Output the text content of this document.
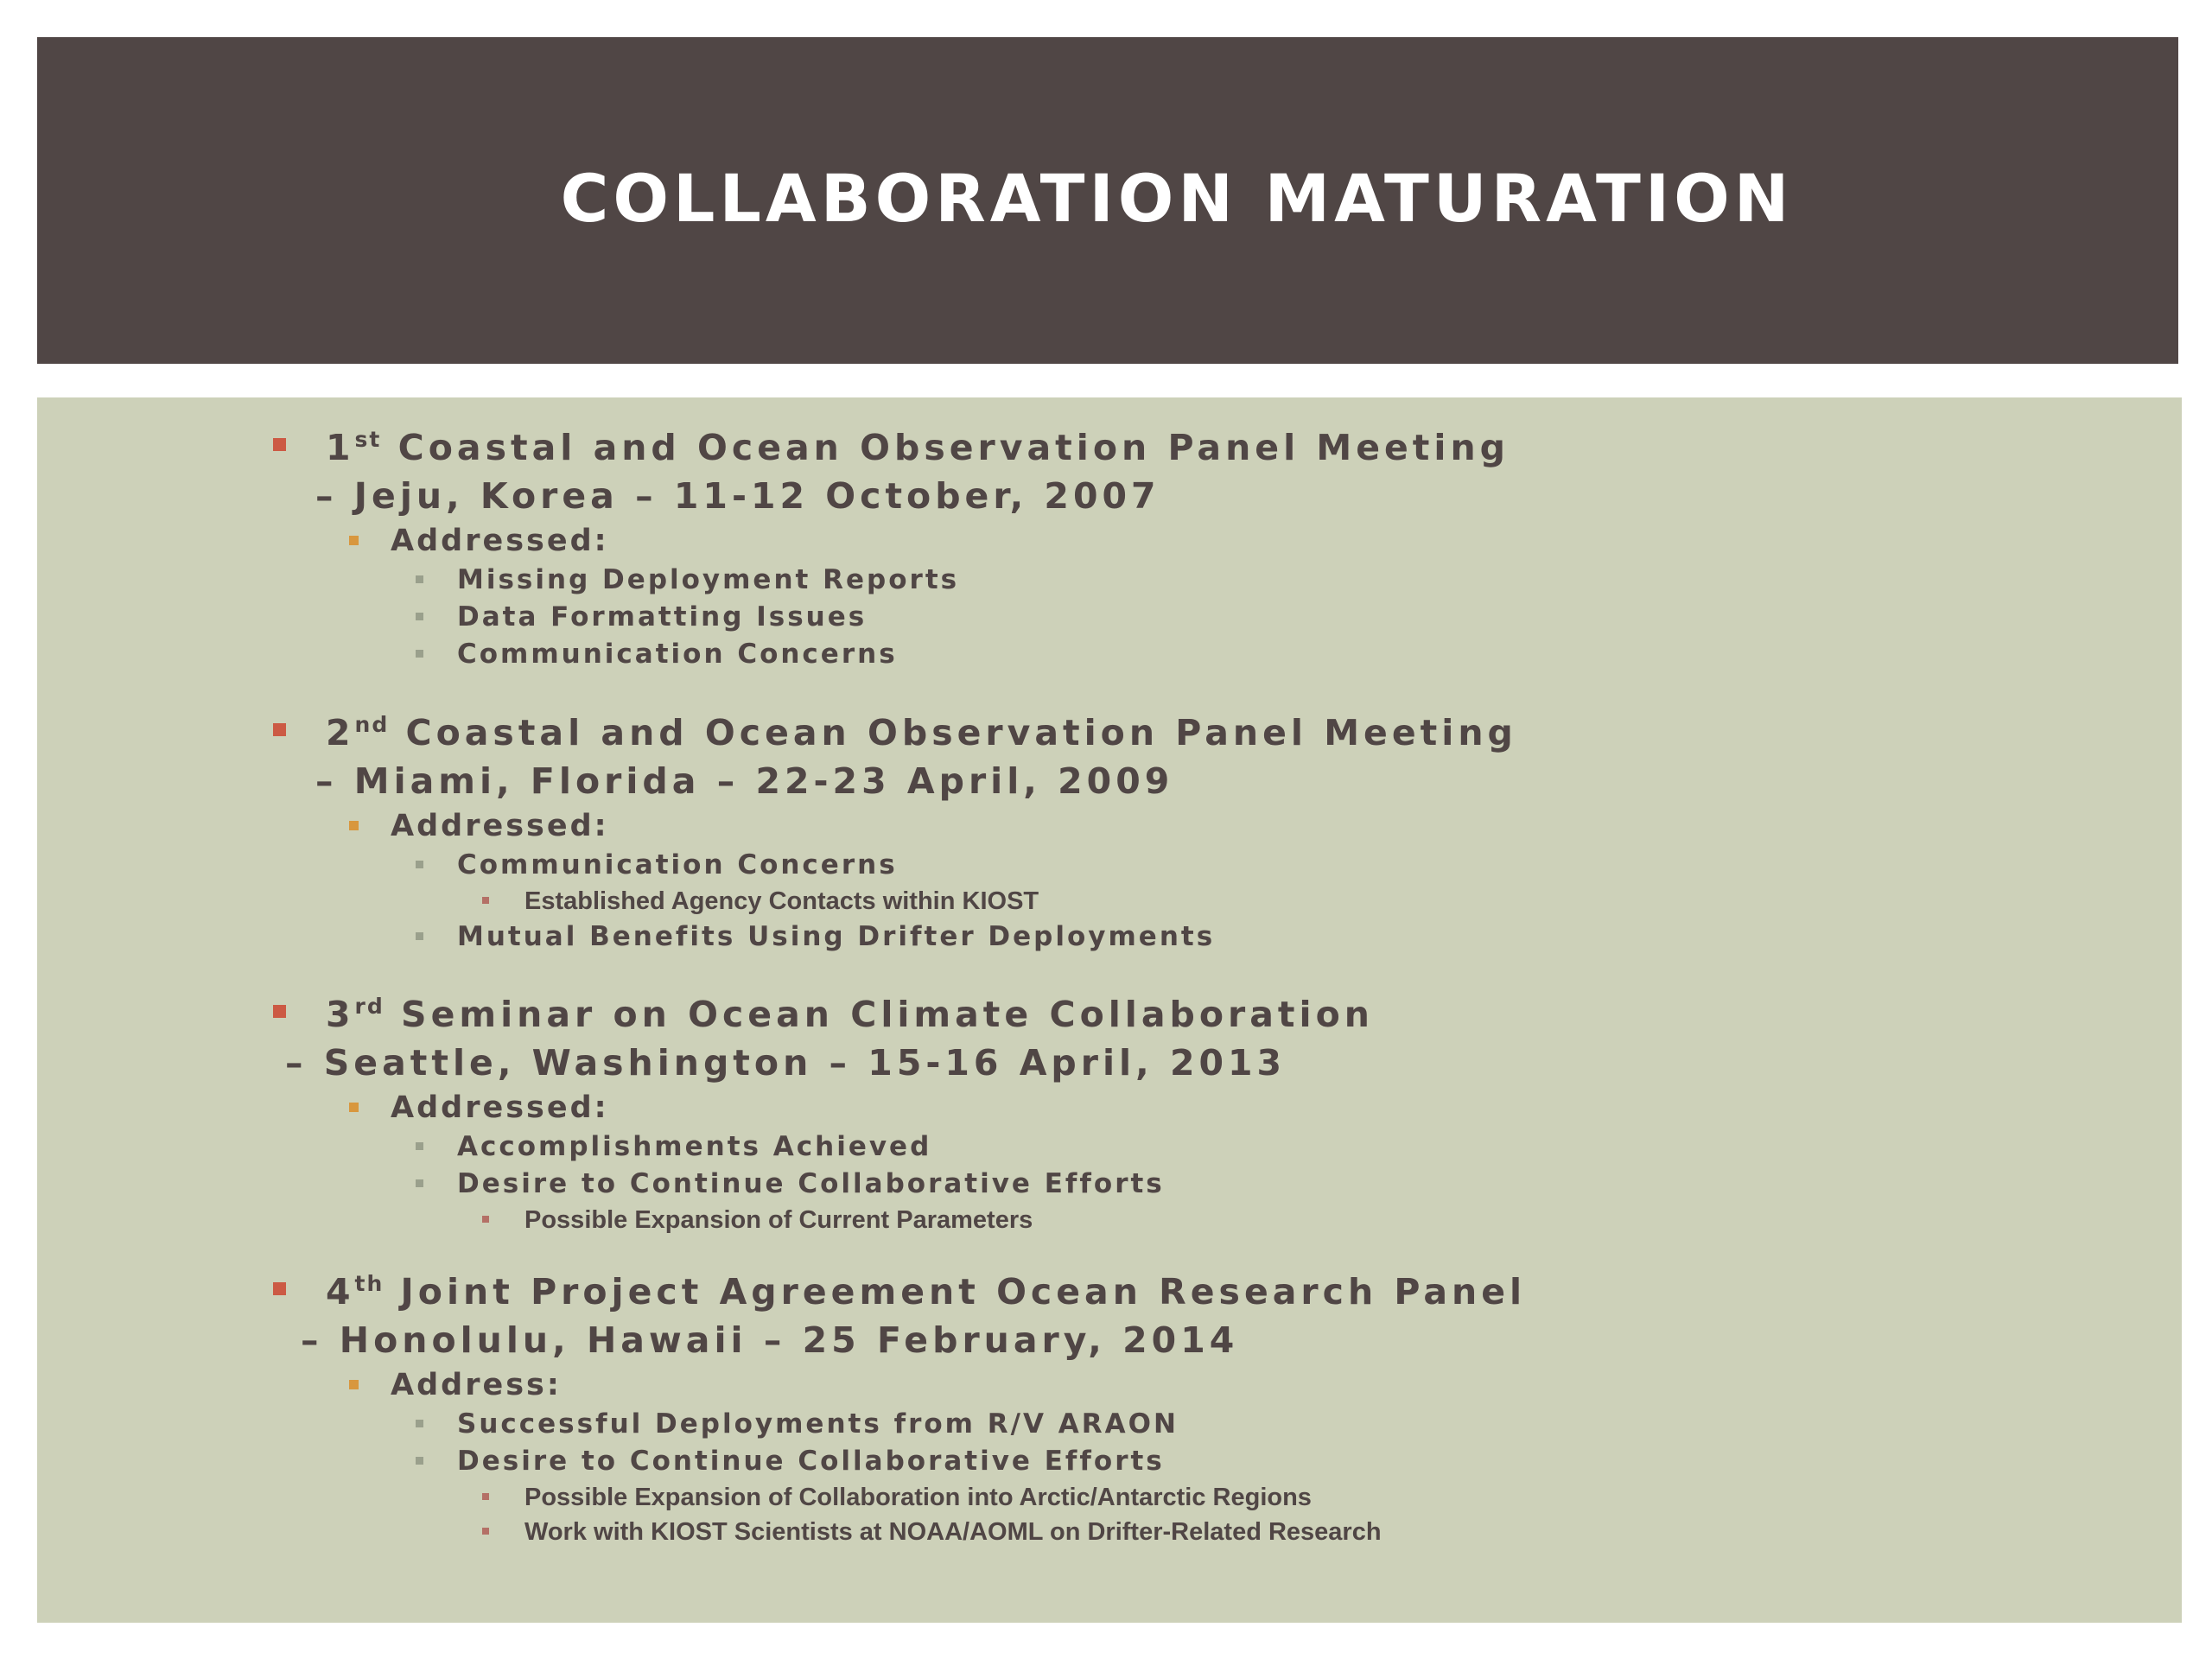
COLLABORATION MATURATION
1st Coastal and Ocean Observation Panel Meeting
– Jeju, Korea – 11-12 October, 2007
Addressed:
Missing Deployment Reports
Data Formatting Issues
Communication Concerns
2nd Coastal and Ocean Observation Panel Meeting
– Miami, Florida – 22-23 April, 2009
Addressed:
Communication Concerns
Established Agency Contacts within KIOST
Mutual Benefits Using Drifter Deployments
3rd Seminar on Ocean Climate Collaboration
– Seattle, Washington – 15-16 April, 2013
Addressed:
Accomplishments Achieved
Desire to Continue Collaborative Efforts
Possible Expansion of Current Parameters
4th Joint Project Agreement Ocean Research Panel
– Honolulu, Hawaii – 25 February, 2014
Address:
Successful Deployments from R/V ARAON
Desire to Continue Collaborative Efforts
Possible Expansion of Collaboration into Arctic/Antarctic Regions
Work with KIOST Scientists at NOAA/AOML on Drifter-Related Research
